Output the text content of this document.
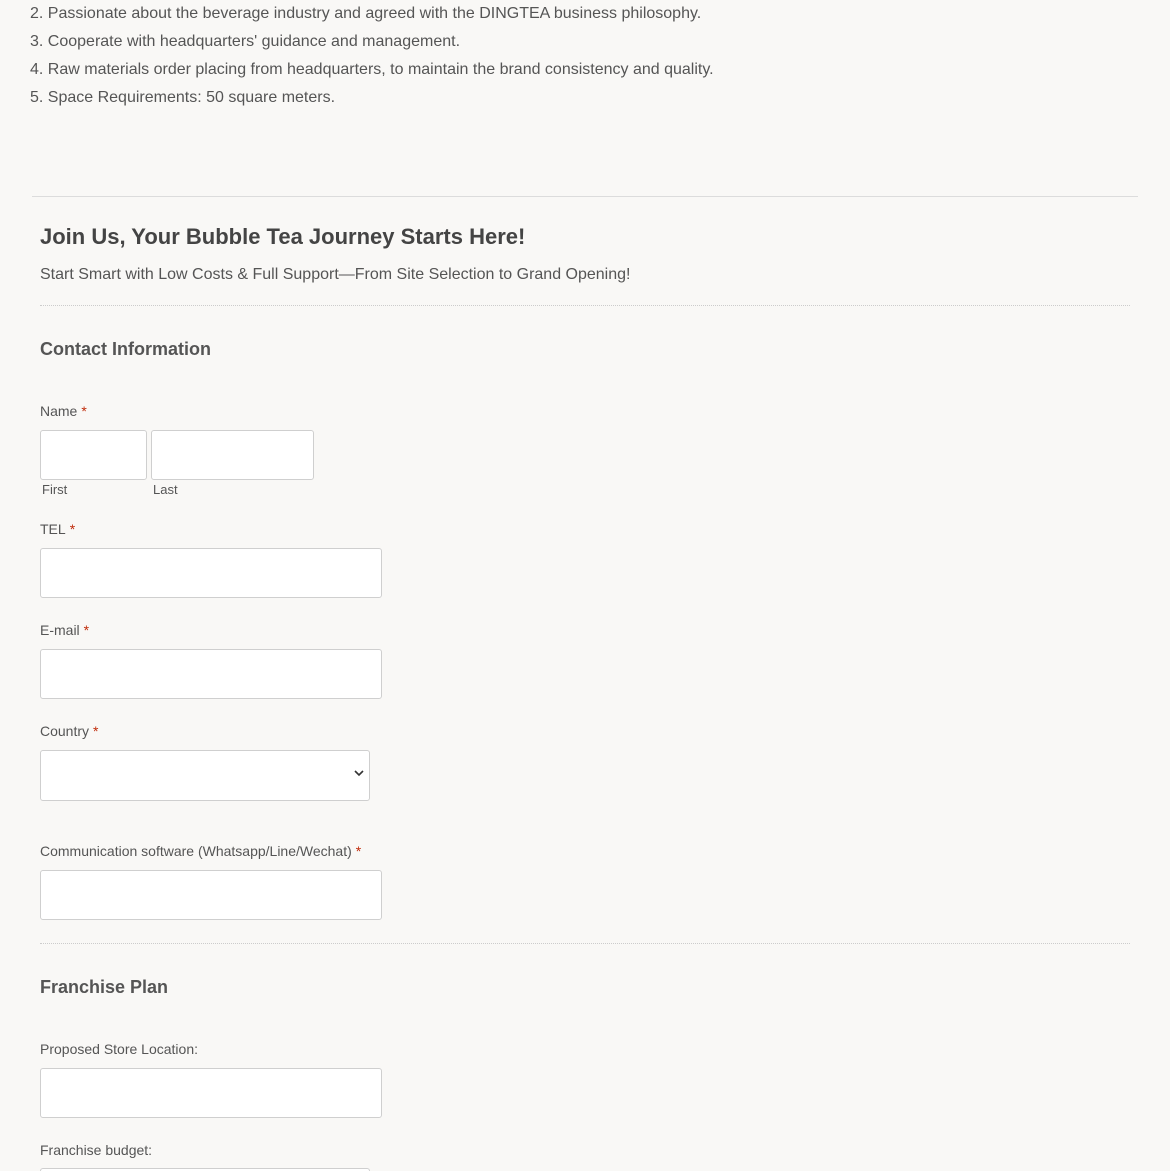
2. Passionate about the beverage industry and agreed with the DINGTEA business philosophy.
3. Cooperate with headquarters' guidance and management.
4. Raw materials order placing from headquarters, to maintain the brand consistency and quality.
5. Space Requirements: 50 square meters.
Join Us, Your Bubble Tea Journey Starts Here!

Start Smart with Low Costs & Full Support—From Site Selection to Grand Opening!

Contact Information
Name *
First	Last
TEL *
E-mail *
Country *
Communication software (Whatsapp/Line/Wechat) *
Franchise Plan
Proposed Store Location:
Franchise budget:
